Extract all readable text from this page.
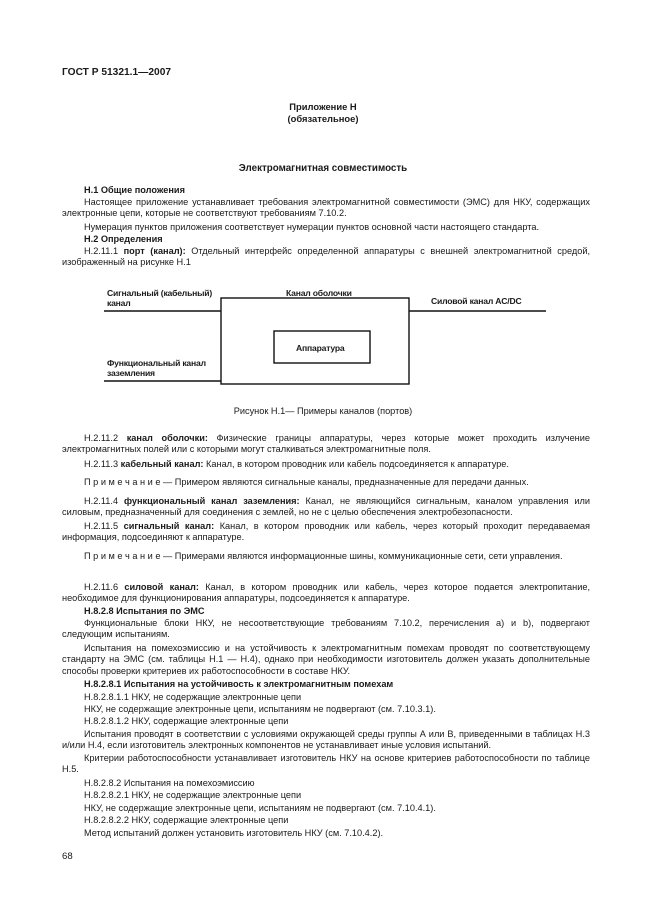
ГОСТ Р 51321.1—2007
Приложение Н
(обязательное)
Электромагнитная совместимость
Н.1 Общие положения
Настоящее приложение устанавливает требования электромагнитной совместимости (ЭМС) для НКУ, содержащих электронные цепи, которые не соответствуют требованиям 7.10.2.
Нумерация пунктов приложения соответствует нумерации пунктов основной части настоящего стандарта.
Н.2 Определения
Н.2.11.1 порт (канал): Отдельный интерфейс определенной аппаратуры с внешней электромагнитной средой, изображенный на рисунке Н.1
Сигнальный (кабельный) канал
Канал оболочки
Силовой канал AC/DC
Аппаратура
Функциональный канал заземления
Рисунок Н.1— Примеры каналов (портов)
Н.2.11.2 канал оболочки: Физические границы аппаратуры, через которые может проходить излучение электромагнитных полей или с которыми могут сталкиваться электромагнитные поля.
Н.2.11.3 кабельный канал: Канал, в котором проводник или кабель подсоединяется к аппаратуре.
П р и м е ч а н и е — Примером являются сигнальные каналы, предназначенные для передачи данных.
Н.2.11.4 функциональный канал заземления: Канал, не являющийся сигнальным, каналом управления или силовым, предназначенный для соединения с землей, но не с целью обеспечения электробезопасности.
Н.2.11.5 сигнальный канал: Канал, в котором проводник или кабель, через который проходит передаваемая информация, подсоединяют к аппаратуре.
П р и м е ч а н и е — Примерами являются информационные шины, коммуникационные сети, сети управления.
Н.2.11.6 силовой канал: Канал, в котором проводник или кабель, через которое подается электропитание, необходимое для функционирования аппаратуры, подсоединяется к аппаратуре.
Н.8.2.8 Испытания по ЭМС
Функциональные блоки НКУ, не несоответствующие требованиям 7.10.2, перечисления а) и b), подвергают следующим испытаниям.
Испытания на помехоэмиссию и на устойчивость к электромагнитным помехам проводят по соответствующему стандарту на ЭМС (см. таблицы Н.1 — Н.4), однако при необходимости изготовитель должен указать дополнительные способы проверки критериев их работоспособности в составе НКУ.
Н.8.2.8.1 Испытания на устойчивость к электромагнитным помехам
Н.8.2.8.1.1 НКУ, не содержащие электронные цепи
НКУ, не содержащие электронные цепи, испытаниям не подвергают (см. 7.10.3.1).
Н.8.2.8.1.2 НКУ, содержащие электронные цепи
Испытания проводят в соответствии с условиями окружающей среды группы А или В, приведенными в таблицах Н.3 и/или Н.4, если изготовитель электронных компонентов не устанавливает иные условия испытаний.
Критерии работоспособности устанавливает изготовитель НКУ на основе критериев работоспособности по таблице Н.5.
Н.8.2.8.2 Испытания на помехоэмиссию
Н.8.2.8.2.1 НКУ, не содержащие электронные цепи
НКУ, не содержащие электронные цепи, испытаниям не подвергают (см. 7.10.4.1).
Н.8.2.8.2.2 НКУ, содержащие электронные цепи
Метод испытаний должен установить изготовитель НКУ (см. 7.10.4.2).
68
